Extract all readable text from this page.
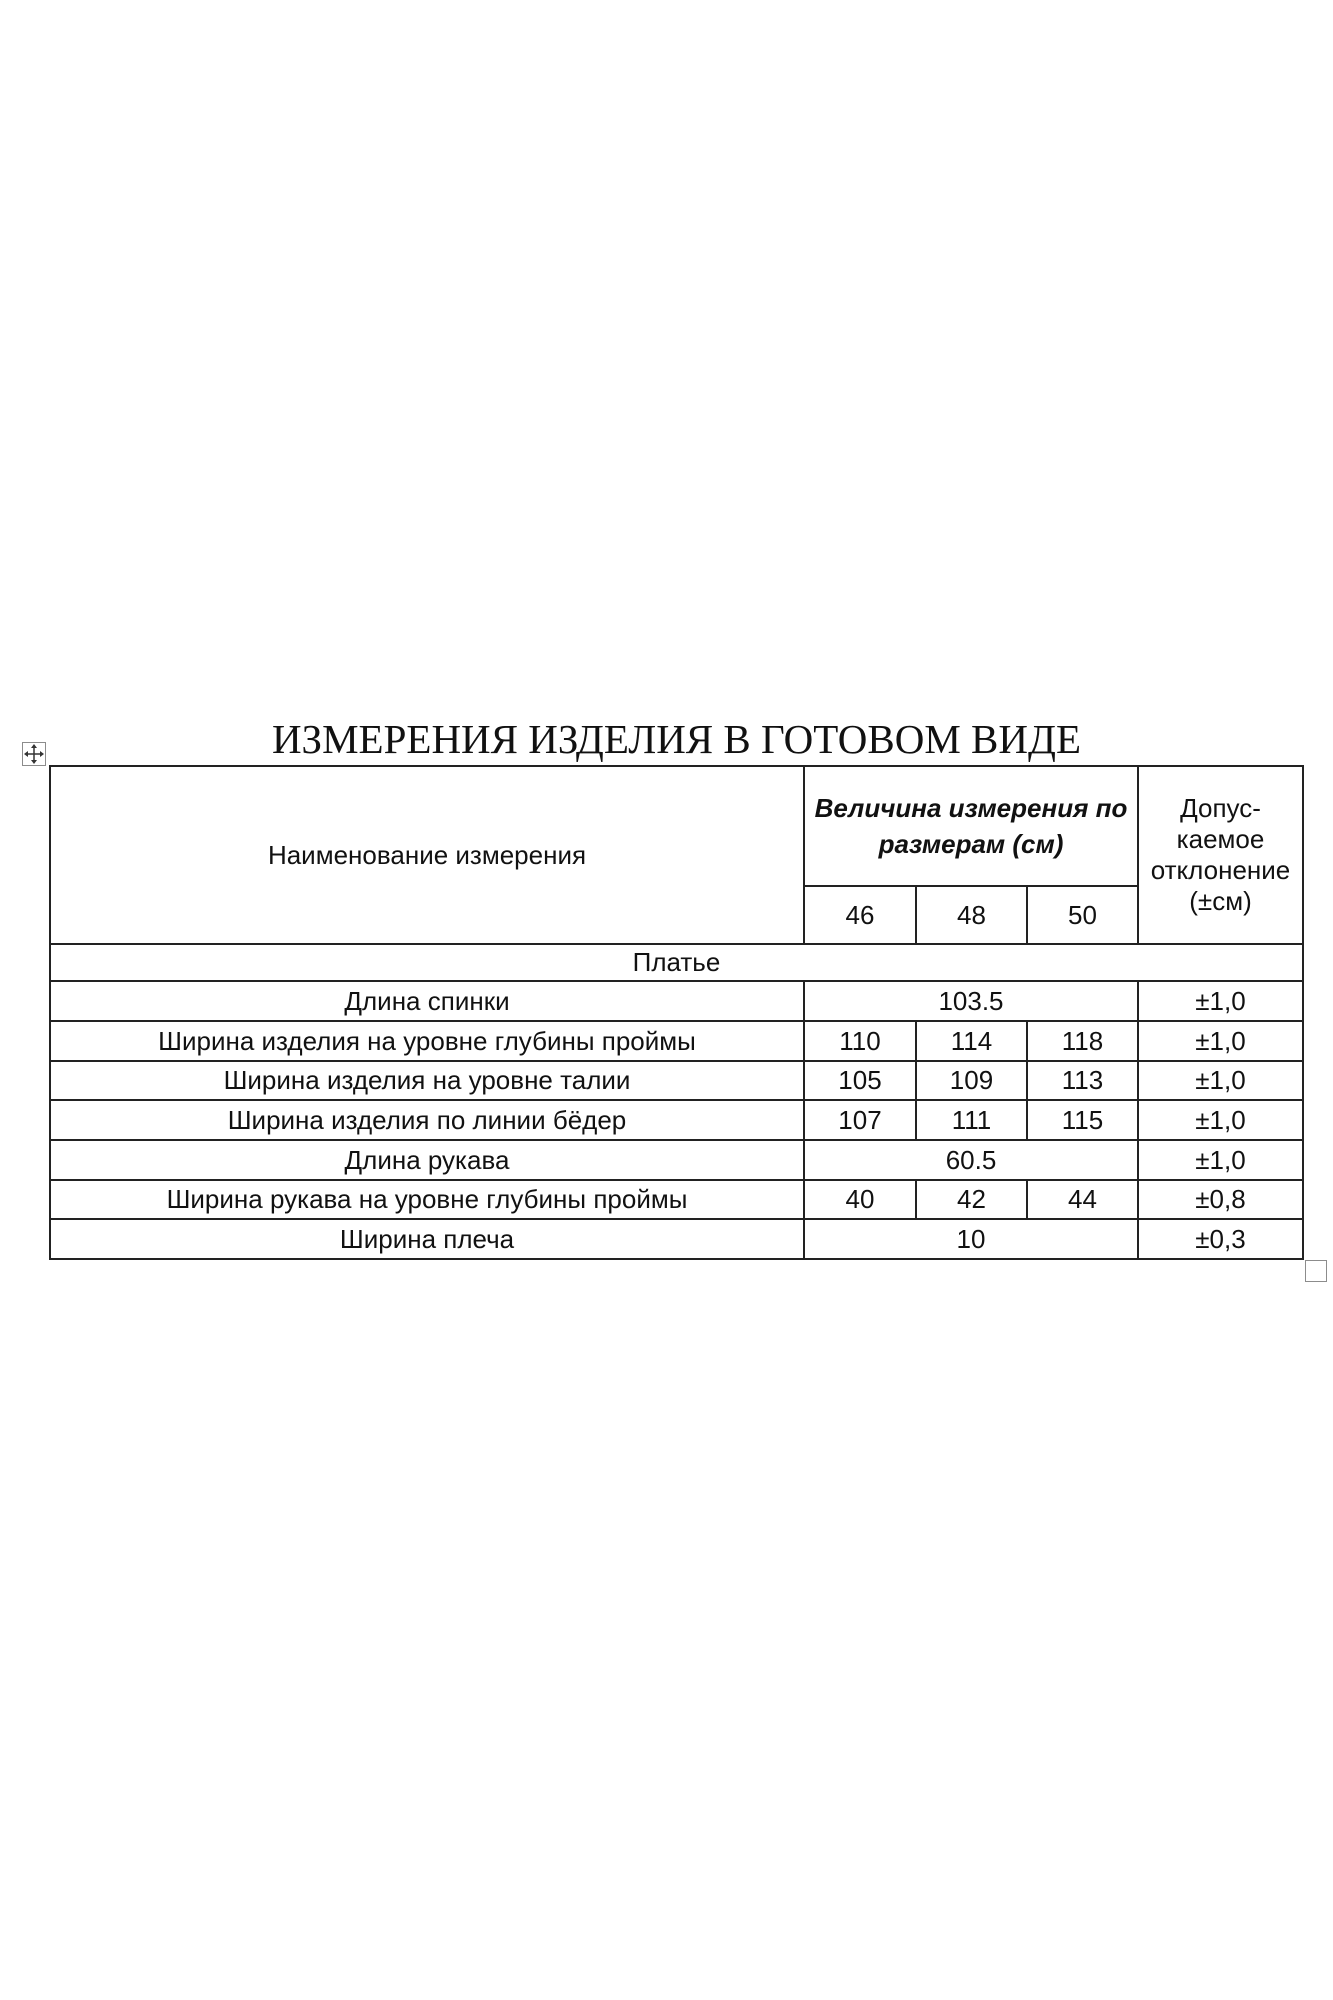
ИЗМЕРЕНИЯ ИЗДЕЛИЯ В ГОТОВОМ ВИДЕ
Наименование измерения	Величина измерения по размерам (см)			Допус-
каемое
отклонение
(±см)

	46	48	50	
Платье				
Длина спинки	103.5			±1,0
Ширина изделия на уровне глубины проймы	110	114	118	±1,0
Ширина изделия на уровне талии	105	109	113	±1,0
Ширина изделия по линии бёдер	107	111	115	±1,0
Длина рукава	60.5			±1,0
Ширина рукава на уровне глубины проймы	40	42	44	±0,8
Ширина плеча	10			±0,3
